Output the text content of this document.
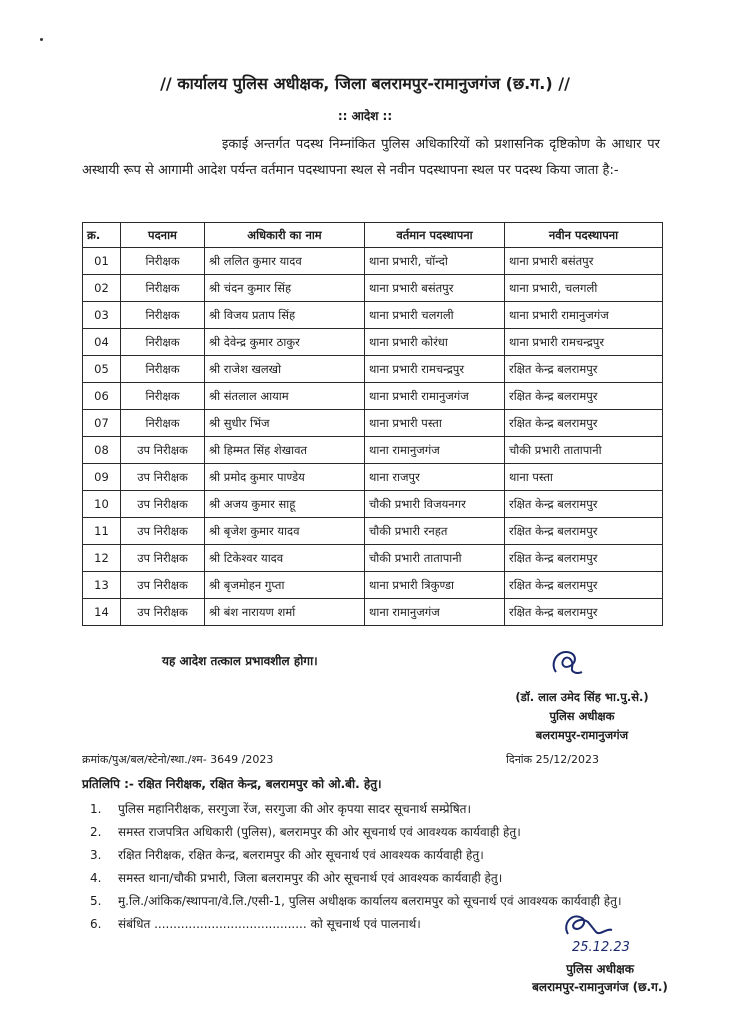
// कार्यालय पुलिस अधीक्षक, जिला बलरामपुर-रामानुजगंज (छ.ग.) //
:: आदेश ::
इकाई अन्तर्गत पदस्थ निम्नांकित पुलिस अधिकारियों को प्रशासनिक दृष्टिकोण के आधार पर अस्थायी रूप से आगामी आदेश पर्यन्त वर्तमान पदस्थापना स्थल से नवीन पदस्थापना स्थल पर पदस्थ किया जाता है:-
क्र.	पदनाम	अधिकारी का नाम	वर्तमान पदस्थापना	नवीन पदस्थापना
01	निरीक्षक	श्री ललित कुमार यादव	थाना प्रभारी, चॉन्दो	थाना प्रभारी बसंतपुर
02	निरीक्षक	श्री चंदन कुमार सिंह	थाना प्रभारी बसंतपुर	थाना प्रभारी, चलगली
03	निरीक्षक	श्री विजय प्रताप सिंह	थाना प्रभारी चलगली	थाना प्रभारी रामानुजगंज
04	निरीक्षक	श्री देवेन्द्र कुमार ठाकुर	थाना प्रभारी कोरंधा	थाना प्रभारी रामचन्द्रपुर
05	निरीक्षक	श्री राजेश खलखो	थाना प्रभारी रामचन्द्रपुर	रक्षित केन्द्र बलरामपुर
06	निरीक्षक	श्री संतलाल आयाम	थाना प्रभारी रामानुजगंज	रक्षित केन्द्र बलरामपुर
07	निरीक्षक	श्री सुधीर भिंज	थाना प्रभारी पस्ता	रक्षित केन्द्र बलरामपुर
08	उप निरीक्षक	श्री हिम्मत सिंह शेखावत	थाना रामानुजगंज	चौकी प्रभारी तातापानी
09	उप निरीक्षक	श्री प्रमोद कुमार पाण्डेय	थाना राजपुर	थाना पस्ता
10	उप निरीक्षक	श्री अजय कुमार साहू	चौकी प्रभारी विजयनगर	रक्षित केन्द्र बलरामपुर
11	उप निरीक्षक	श्री बृजेश कुमार यादव	चौकी प्रभारी रनहत	रक्षित केन्द्र बलरामपुर
12	उप निरीक्षक	श्री टिकेश्वर यादव	चौकी प्रभारी तातापानी	रक्षित केन्द्र बलरामपुर
13	उप निरीक्षक	श्री बृजमोहन गुप्ता	थाना प्रभारी त्रिकुण्डा	रक्षित केन्द्र बलरामपुर
14	उप निरीक्षक	श्री बंश नारायण शर्मा	थाना रामानुजगंज	रक्षित केन्द्र बलरामपुर
यह आदेश तत्काल प्रभावशील होगा।
(डॉ. लाल उमेद सिंह भा.पु.से.)
पुलिस अधीक्षक
बलरामपुर-रामानुजगंज
क्रमांक/पुअ/बल/स्टेनो/स्था./श्म- 3649 /2023	दिनांक 25/12/2023
प्रतिलिपि :- रक्षित निरीक्षक, रक्षित केन्द्र, बलरामपुर को ओ.बी. हेतु।
1. पुलिस महानिरीक्षक, सरगुजा रेंज, सरगुजा की ओर कृपया सादर सूचनार्थ सम्प्रेषित।
2. समस्त राजपत्रित अधिकारी (पुलिस), बलरामपुर की ओर सूचनार्थ एवं आवश्यक कार्यवाही हेतु।
3. रक्षित निरीक्षक, रक्षित केन्द्र, बलरामपुर की ओर सूचनार्थ एवं आवश्यक कार्यवाही हेतु।
4. समस्त थाना/चौकी प्रभारी, जिला बलरामपुर की ओर सूचनार्थ एवं आवश्यक कार्यवाही हेतु।
5. मु.लि./आंकिक/स्थापना/वे.लि./एसी-1, पुलिस अधीक्षक कार्यालय बलरामपुर को सूचनार्थ एवं आवश्यक कार्यवाही हेतु।
6. संबंधित ........................................ को सूचनार्थ एवं पालनार्थ।
25.12.23
पुलिस अधीक्षक
बलरामपुर-रामानुजगंज (छ.ग.)
